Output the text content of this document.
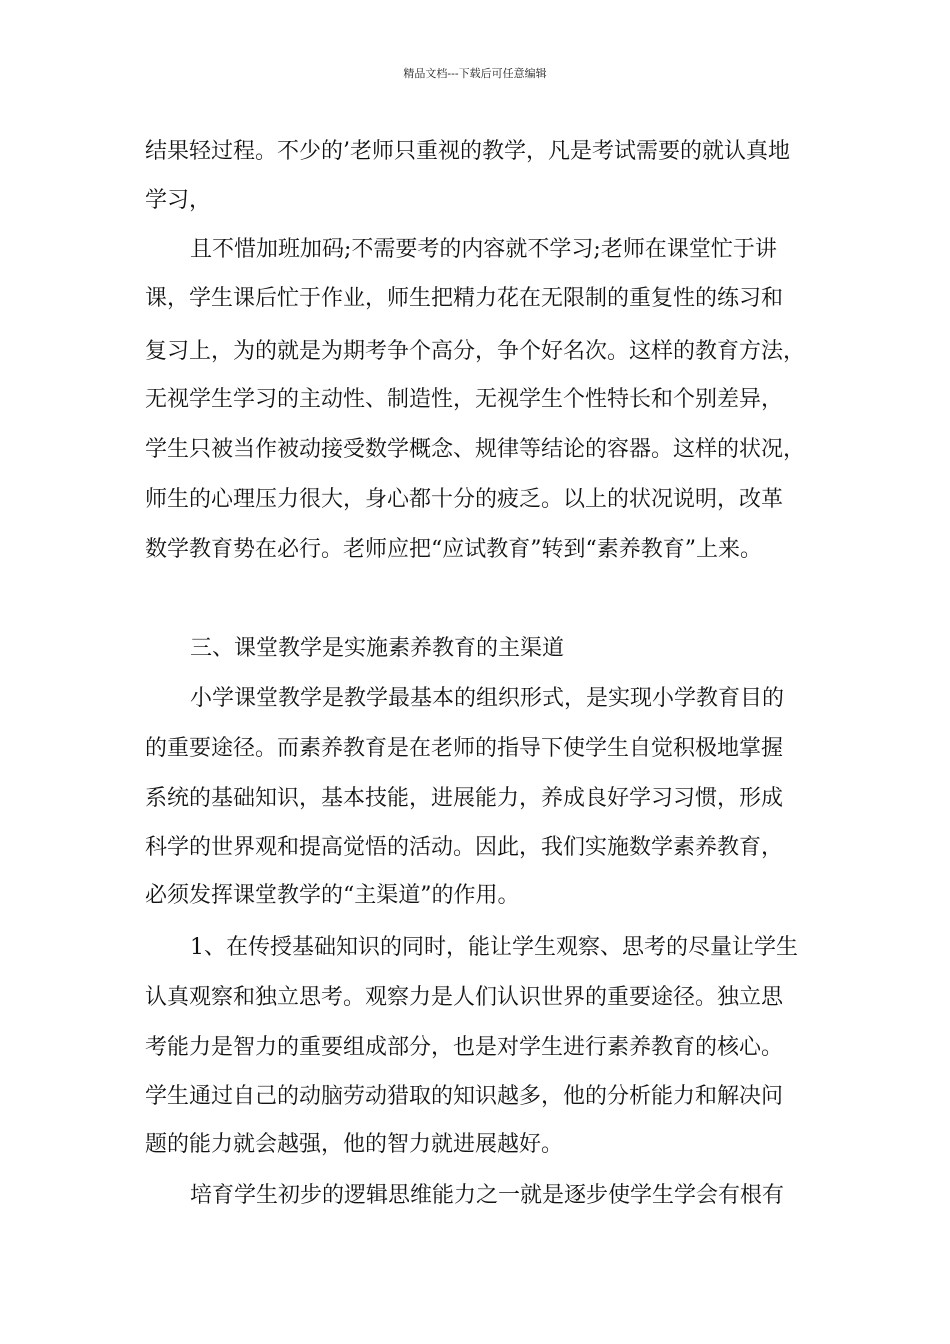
精品文档---下载后可任意编辑
结果轻过程。不少的’老师只重视的教学，凡是考试需要的就认真地
学习，
且不惜加班加码;不需要考的内容就不学习;老师在课堂忙于讲
课，学生课后忙于作业，师生把精力花在无限制的重复性的练习和
复习上，为的就是为期考争个高分，争个好名次。这样的教育方法，
无视学生学习的主动性、制造性，无视学生个性特长和个别差异，
学生只被当作被动接受数学概念、规律等结论的容器。这样的状况，
师生的心理压力很大，身心都十分的疲乏。以上的状况说明，改革
数学教育势在必行。老师应把“应试教育”转到“素养教育”上来。
三、课堂教学是实施素养教育的主渠道
小学课堂教学是教学最基本的组织形式，是实现小学教育目的
的重要途径。而素养教育是在老师的指导下使学生自觉积极地掌握
系统的基础知识，基本技能，进展能力，养成良好学习习惯，形成
科学的世界观和提高觉悟的活动。因此，我们实施数学素养教育，
必须发挥课堂教学的“主渠道”的作用。
1、在传授基础知识的同时，能让学生观察、思考的尽量让学生
认真观察和独立思考。观察力是人们认识世界的重要途径。独立思
考能力是智力的重要组成部分，也是对学生进行素养教育的核心。
学生通过自己的动脑劳动猎取的知识越多，他的分析能力和解决问
题的能力就会越强，他的智力就进展越好。
培育学生初步的逻辑思维能力之一就是逐步使学生学会有根有
